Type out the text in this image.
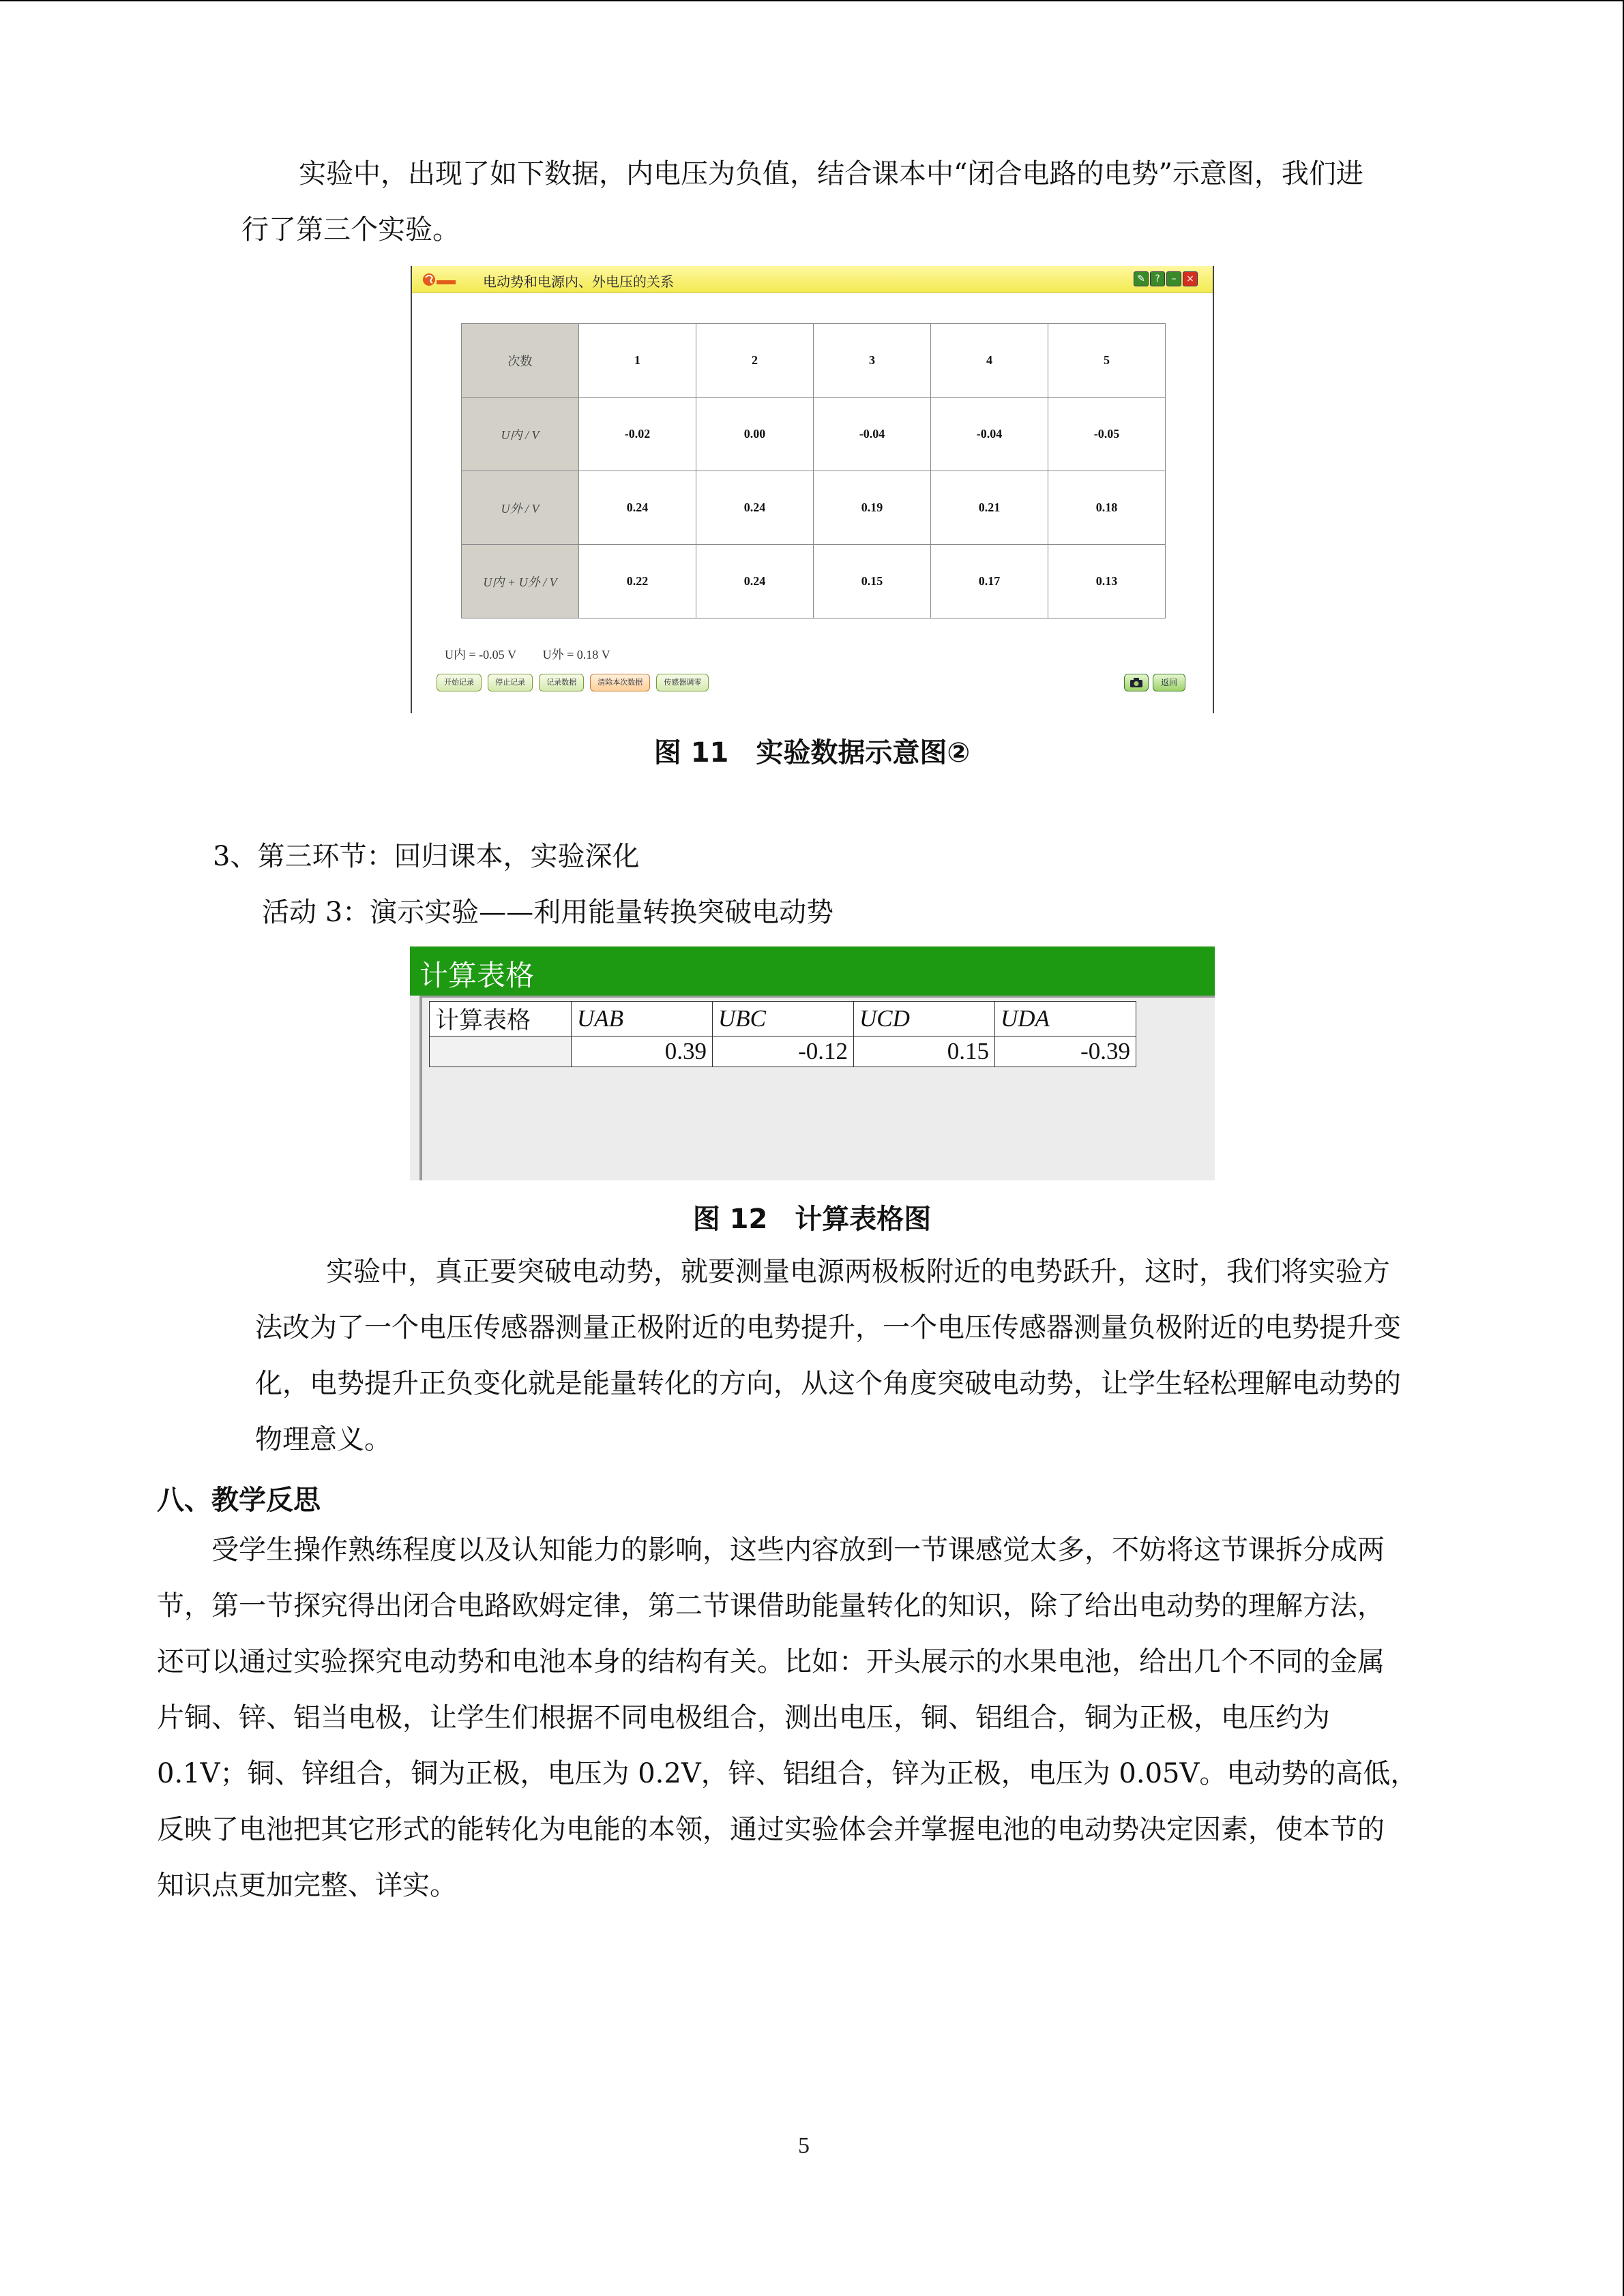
实验中，出现了如下数据，内电压为负值，结合课本中“闭合电路的电势”示意图，我们进
行了第三个实验。
电动势和电源内、外电压的关系	✎	?	–	×
次数	1	2	3	4	5
U内 / V	-0.02	0.00	-0.04	-0.04	-0.05
U外 / V	0.24	0.24	0.19	0.21	0.18
U内 + U外 / V	0.22	0.24	0.15	0.17	0.13
U内 = -0.05 V U外 = 0.18 V
开始记录	停止记录	记录数据	清除本次数据	传感器调零	返回
图 11　实验数据示意图②
3、第三环节：回归课本，实验深化
活动 3：演示实验——利用能量转换突破电动势
计算表格
计算表格	UAB	UBC	UCD	UDA
	0.39	-0.12	0.15	-0.39
图 12　计算表格图
实验中，真正要突破电动势，就要测量电源两极板附近的电势跃升，这时，我们将实验方
法改为了一个电压传感器测量正极附近的电势提升，一个电压传感器测量负极附近的电势提升变
化，电势提升正负变化就是能量转化的方向，从这个角度突破电动势，让学生轻松理解电动势的
物理意义。
八、教学反思
受学生操作熟练程度以及认知能力的影响，这些内容放到一节课感觉太多，不妨将这节课拆分成两
节，第一节探究得出闭合电路欧姆定律，第二节课借助能量转化的知识，除了给出电动势的理解方法，
还可以通过实验探究电动势和电池本身的结构有关。比如：开头展示的水果电池，给出几个不同的金属
片铜、锌、铝当电极，让学生们根据不同电极组合，测出电压，铜、铝组合，铜为正极，电压约为
0.1V；铜、锌组合，铜为正极，电压为 0.2V，锌、铝组合，锌为正极，电压为 0.05V。电动势的高低，
反映了电池把其它形式的能转化为电能的本领，通过实验体会并掌握电池的电动势决定因素，使本节的
知识点更加完整、详实。
5
